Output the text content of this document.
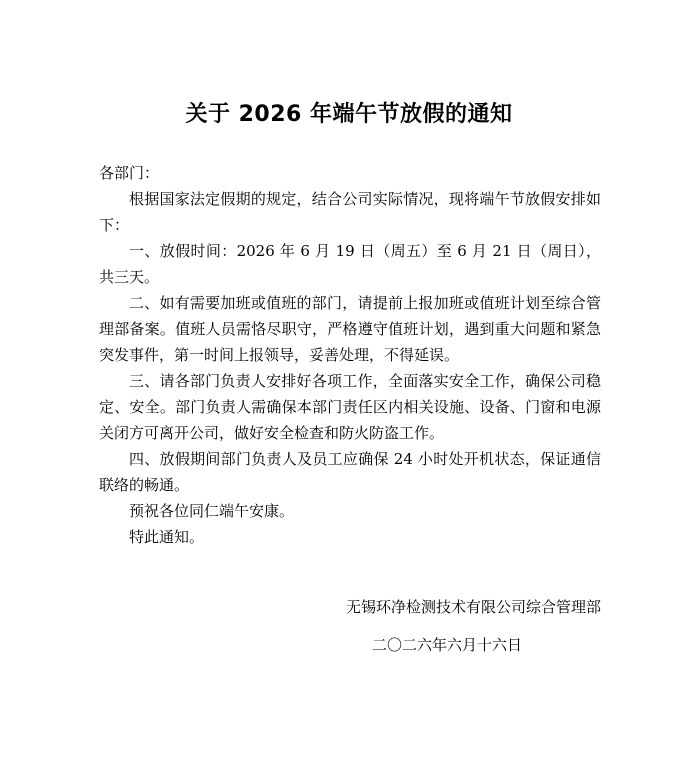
关于 2026 年端午节放假的通知

各部门：

根据国家法定假期的规定，结合公司实际情况，现将端午节放假安排如下：

一、放假时间：2026 年 6 月 19 日（周五）至 6 月 21 日（周日），共三天。

二、如有需要加班或值班的部门，请提前上报加班或值班计划至综合管理部备案。值班人员需恪尽职守，严格遵守值班计划，遇到重大问题和紧急突发事件，第一时间上报领导，妥善处理，不得延误。

三、请各部门负责人安排好各项工作，全面落实安全工作，确保公司稳定、安全。部门负责人需确保本部门责任区内相关设施、设备、门窗和电源关闭方可离开公司，做好安全检查和防火防盗工作。

四、放假期间部门负责人及员工应确保 24 小时处开机状态，保证通信联络的畅通。

预祝各位同仁端午安康。

特此通知。

无锡环净检测技术有限公司综合管理部
二〇二六年六月十六日
